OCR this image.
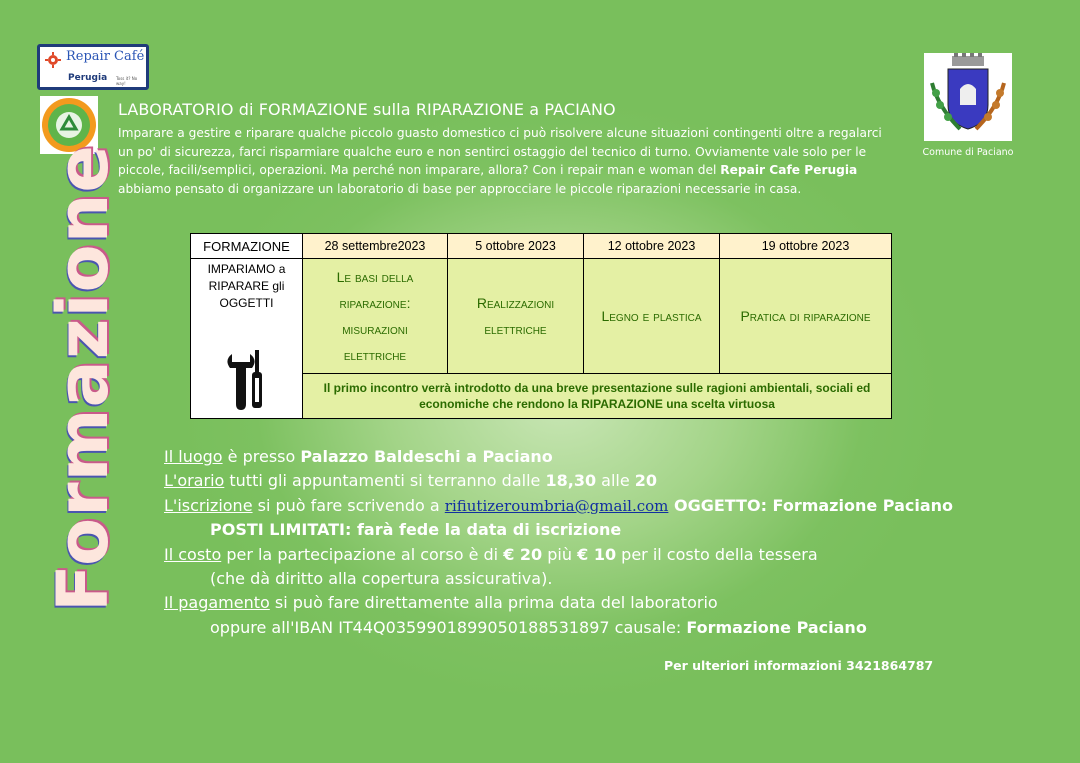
Repair Café
Perugia Toss it? No way!
Comune di Paciano
LABORATORIO di FORMAZIONE sulla RIPARAZIONE a PACIANO
Imparare a gestire e riparare qualche piccolo guasto domestico ci può risolvere alcune situazioni contingenti oltre a regalarci un po' di sicurezza, farci risparmiare qualche euro e non sentirci ostaggio del tecnico di turno. Ovviamente vale solo per le piccole, facili/semplici, operazioni. Ma perché non imparare, allora? Con i repair man e woman del Repair Cafe Perugia abbiamo pensato di organizzare un laboratorio di base per approcciare le piccole riparazioni necessarie in casa.
Formazione	FORMAZIONE	28 settembre2023	5 ottobre 2023	12 ottobre 2023	19 ottobre 2023

IMPARIAMO a RIPARARE gli OGGETTI	Le basi della riparazione: misurazioni elettriche	Realizzazioni elettriche	Legno e plastica	Pratica di riparazione
	Il primo incontro verrà introdotto da una breve presentazione sulle ragioni ambientali, sociali ed economiche che rendono la RIPARAZIONE una scelta virtuosa			
Il luogo è presso Palazzo Baldeschi a Paciano
L'orario tutti gli appuntamenti si terranno dalle 18,30 alle 20
L'iscrizione si può fare scrivendo a rifiutizeroumbria@gmail.com OGGETTO: Formazione Paciano
POSTI LIMITATI: farà fede la data di iscrizione
Il costo per la partecipazione al corso è di € 20 più € 10 per il costo della tessera
(che dà diritto alla copertura assicurativa).
Il pagamento si può fare direttamente alla prima data del laboratorio
oppure all'IBAN IT44Q0359901899050188531897 causale: Formazione Paciano
Per ulteriori informazioni 3421864787
